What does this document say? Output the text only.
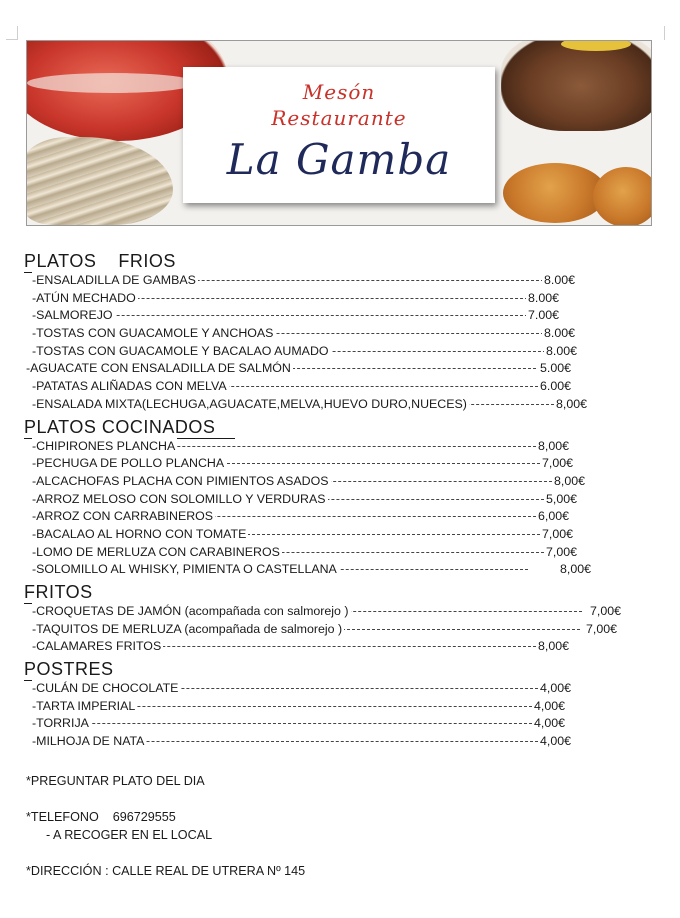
Mesón
Restaurante
La Gamba
PLATOS    FRIOS
-ENSALADILLA DE GAMBAS	8.00€
-ATÚN MECHADO	8.00€
-SALMOREJO	7.00€
-TOSTAS CON GUACAMOLE Y ANCHOAS	8.00€
-TOSTAS CON GUACAMOLE Y BACALAO AUMADO	8.00€
-AGUACATE CON ENSALADILLA DE SALMÓN	5.00€
-PATATAS ALIÑADAS CON MELVA	6.00€
-ENSALADA MIXTA(LECHUGA,AGUACATE,MELVA,HUEVO DURO,NUECES)	8,00€
PLATOS COCINADOS
-CHIPIRONES PLANCHA	8,00€
-PECHUGA DE POLLO PLANCHA	7,00€
-ALCACHOFAS PLACHA CON PIMIENTOS ASADOS	8,00€
-ARROZ MELOSO CON SOLOMILLO Y VERDURAS	5,00€
-ARROZ CON CARRABINEROS	6,00€
-BACALAO AL HORNO CON TOMATE	7,00€
-LOMO DE MERLUZA CON CARABINEROS	7,00€
-SOLOMILLO AL WHISKY, PIMIENTA O CASTELLANA	8,00€
FRITOS
-CROQUETAS DE JAMÓN (acompañada con salmorejo )	7,00€
-TAQUITOS DE MERLUZA (acompañada de salmorejo )	7,00€
-CALAMARES FRITOS	8,00€
POSTRES
-CULÁN DE CHOCOLATE	4,00€
-TARTA IMPERIAL	4,00€
-TORRIJA	4,00€
-MILHOJA DE NATA	4,00€
*PREGUNTAR PLATO DEL DIA
*TELEFONO    696729555
- A RECOGER EN EL LOCAL
*DIRECCIÓN : CALLE REAL DE UTRERA Nº 145
